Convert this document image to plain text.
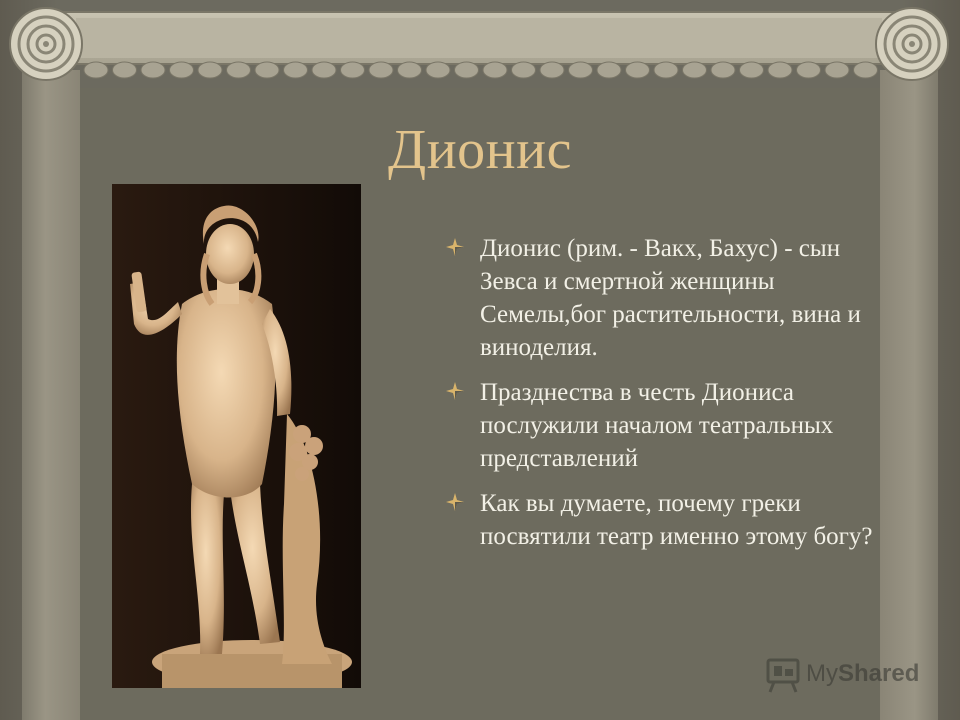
Дионис
Дионис (рим. - Вакх, Бахус) - сын Зевса и смертной женщины Семелы,бог растительности, вина и виноделия.
Празднества в честь Диониса послужили началом театральных представлений
Как вы думаете, почему греки посвятили театр именно этому богу?
MyShared
